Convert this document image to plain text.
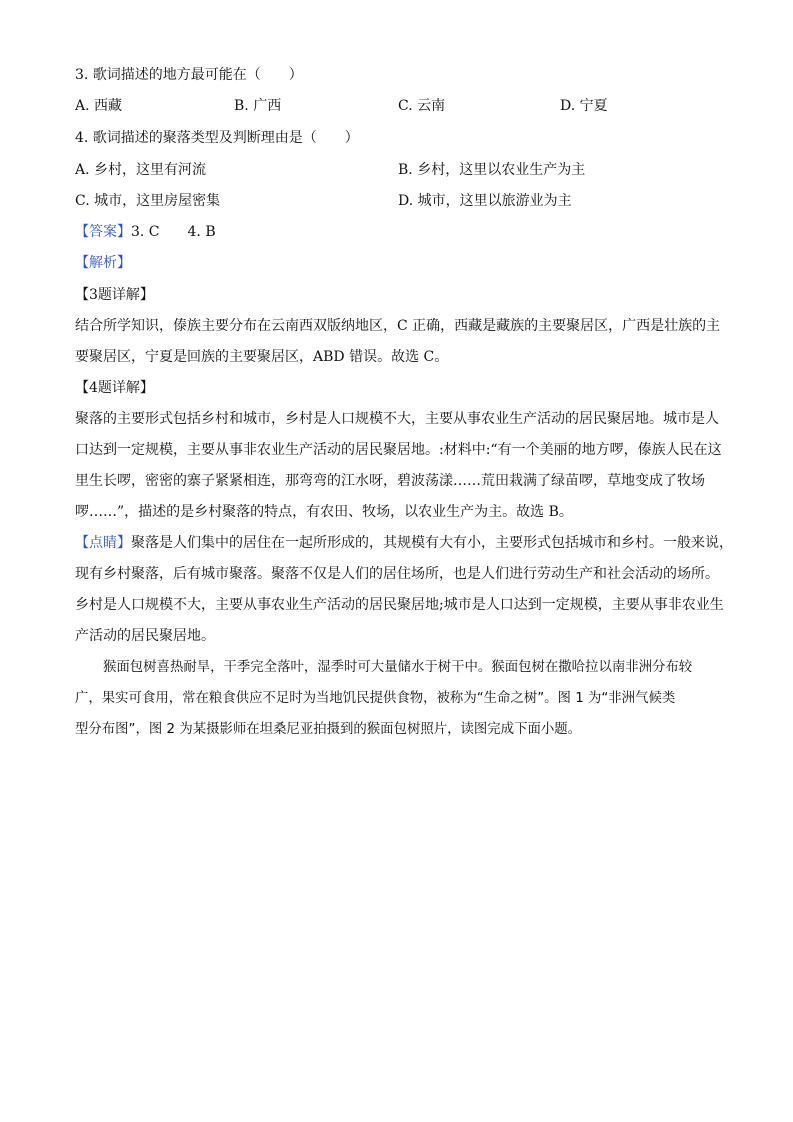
3. 歌词描述的地方最可能在（　　）
A. 西藏	B. 广西	C. 云南	D. 宁夏
4. 歌词描述的聚落类型及判断理由是（　　）
A. 乡村，这里有河流	B. 乡村，这里以农业生产为主
C. 城市，这里房屋密集	D. 城市，这里以旅游业为主
【答案】3. C　　4. B
【解析】
【3题详解】
结合所学知识，傣族主要分布在云南西双版纳地区，C 正确，西藏是藏族的主要聚居区，广西是壮族的主
要聚居区，宁夏是回族的主要聚居区，ABD 错误。故选 C。
【4题详解】
聚落的主要形式包括乡村和城市，乡村是人口规模不大，主要从事农业生产活动的居民聚居地。城市是人
口达到一定规模，主要从事非农业生产活动的居民聚居地。:材料中:“有一个美丽的地方啰，傣族人民在这
里生长啰，密密的寨子紧紧相连，那弯弯的江水呀，碧波荡漾……荒田栽满了绿苗啰，草地变成了牧场
啰……”，描述的是乡村聚落的特点，有农田、牧场，以农业生产为主。故选 B。
【点睛】聚落是人们集中的居住在一起所形成的，其规模有大有小，主要形式包括城市和乡村。一般来说，
现有乡村聚落，后有城市聚落。聚落不仅是人们的居住场所，也是人们进行劳动生产和社会活动的场所。
乡村是人口规模不大，主要从事农业生产活动的居民聚居地;城市是人口达到一定规模，主要从事非农业生
产活动的居民聚居地。
猴面包树喜热耐旱，干季完全落叶，湿季时可大量储水于树干中。猴面包树在撒哈拉以南非洲分布较
广，果实可食用，常在粮食供应不足时为当地饥民提供食物，被称为“生命之树”。图 1 为“非洲气候类
型分布图”，图 2 为某摄影师在坦桑尼亚拍摄到的猴面包树照片，读图完成下面小题。
